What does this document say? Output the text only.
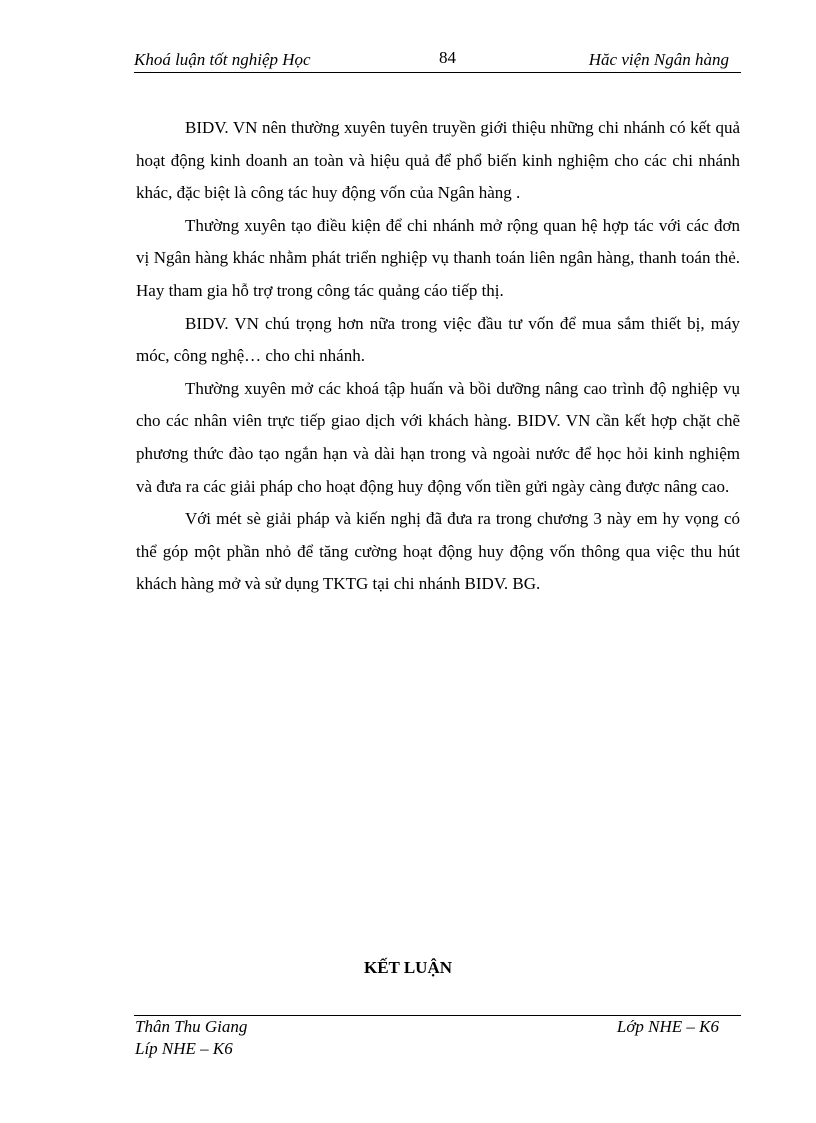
Khoá luận tốt nghiệp Học	84	Hăc viện Ngân hàng

BIDV. VN nên thường xuyên tuyên truyền giới thiệu những chi nhánh có kết quả hoạt động kinh doanh an toàn và hiệu quả để phổ biến kinh nghiệm cho các chi nhánh khác, đặc biệt là công tác huy động vốn của Ngân hàng .

Thường xuyên tạo điều kiện để chi nhánh mở rộng quan hệ hợp tác với các đơn vị Ngân hàng khác nhằm phát triển nghiệp vụ thanh toán liên ngân hàng, thanh toán thẻ. Hay tham gia hỗ trợ trong công tác quảng cáo tiếp thị.

BIDV. VN chú trọng hơn nữa trong việc đầu tư vốn để mua sắm thiết bị, máy móc, công nghệ… cho chi nhánh.

Thường xuyên mở các khoá tập huấn và bồi dưỡng nâng cao trình độ nghiệp vụ cho các nhân viên trực tiếp giao dịch với khách hàng. BIDV. VN cần kết hợp chặt chẽ phương thức đào tạo ngắn hạn và dài hạn trong và ngoài nước để học hỏi kinh nghiệm và đưa ra các giải pháp cho hoạt động huy động vốn tiền gửi ngày càng được nâng cao.

Với mét sè giải pháp và kiến nghị đã đưa ra trong chương 3 này em hy vọng có thể góp một phần nhỏ để tăng cường hoạt động huy động vốn thông qua việc thu hút khách hàng mở và sử dụng TKTG tại chi nhánh BIDV. BG.

KẾT LUẬN
Thân Thu Giang	Lớp NHE – K6
Líp NHE – K6
